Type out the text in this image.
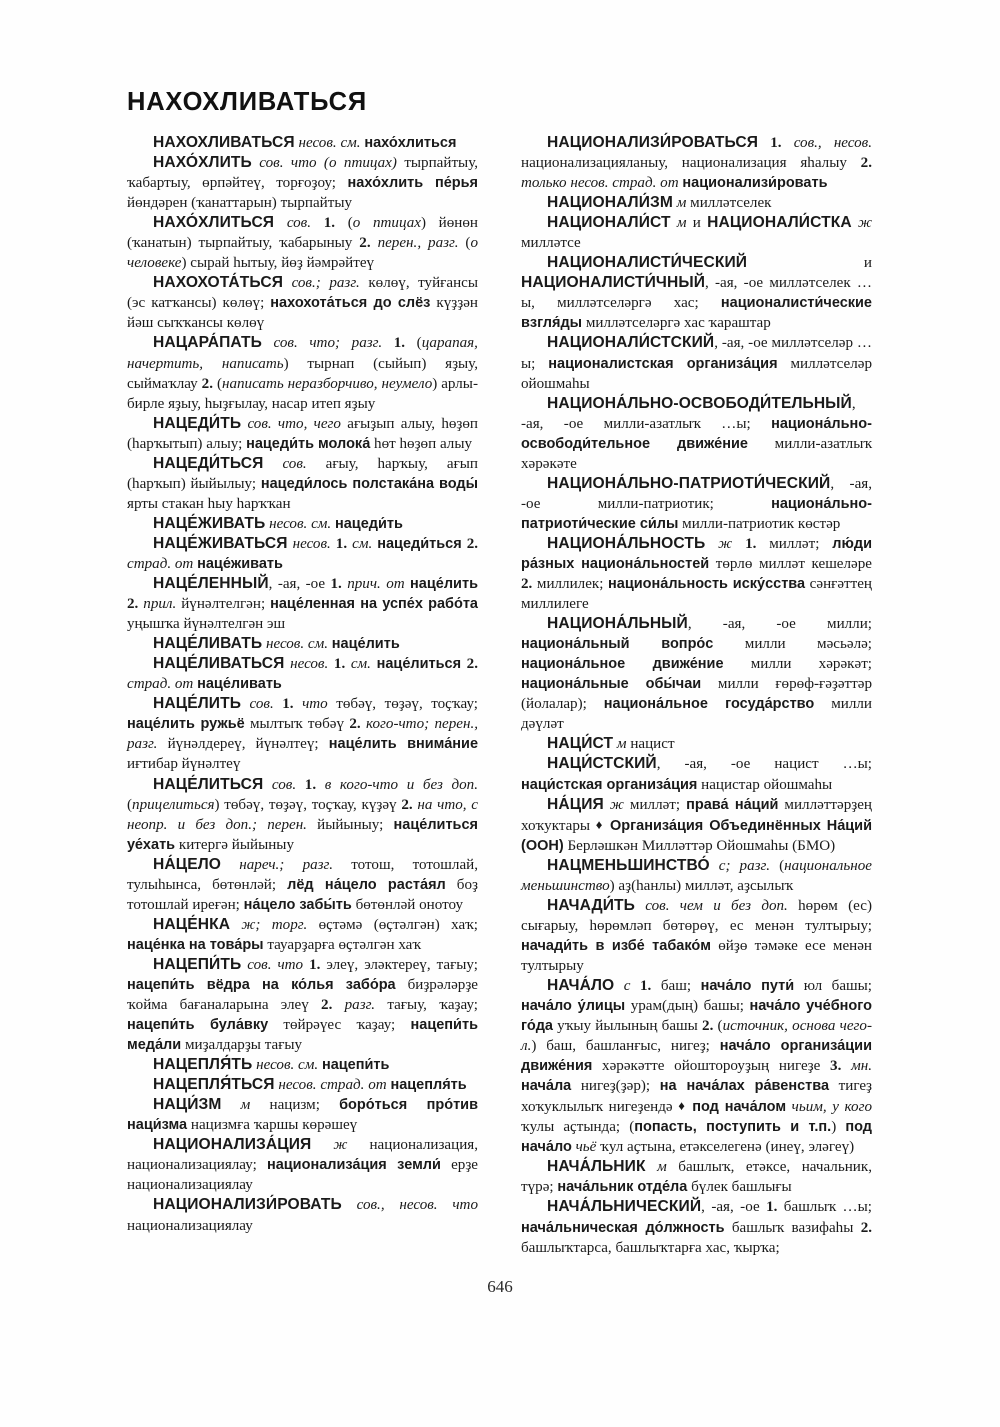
НАХОХЛИВАТЬСЯ

НАХОХЛИВАТЬСЯ несов. см. нахо́хлиться

НАХО́ХЛИТЬ сов. что (о птицах) тырпайтыу, ҡабартыу, өрпәйтеү, торғоҙоу; нахо́хлить пе́рья йөндәрен (ҡанаттарын) тырпайтыу

НАХО́ХЛИТЬСЯ сов. 1. (о птицах) йөнөн (ҡанатын) тырпайтыу, ҡабарыныу 2. перен., разг. (о человеке) сырай һытыу, йөҙ йәмрәйтеү

НАХОХОТА́ТЬСЯ сов.; разг. көлөү, туйғансы (эс катҡансы) көлөү; нахохота́ться до слёз күҙҙән йәш сыҡҡансы көлөү

НАЦАРА́ПАТЬ сов. что; разг. 1. (царапая, начертить, написать) тырнап (сыйып) яҙыу, сыймаҡлау 2. (написать неразборчиво, неумело) арлы-бирле яҙыу, һыҙғылау, насар итеп яҙыу

НАЦЕДИ́ТЬ сов. что, чего ағыҙып алыу, һөҙөп (һарҡытып) алыу; нацеди́ть молока́ һөт һөҙөп алыу

НАЦЕДИ́ТЬСЯ сов. ағыу, һарҡыу, ағып (һарҡып) йыйылыу; нацеди́лось полстака́на воды́ ярты стакан һыу һарҡҡан

НАЦЕ́ЖИВАТЬ несов. см. нацеди́ть

НАЦЕ́ЖИВАТЬСЯ несов. 1. см. нацеди́ться 2. страд. от наце́живать

НАЦЕ́ЛЕННЫЙ, -ая, -ое 1. прич. от наце́лить 2. прил. йүнәлтелгән; наце́ленная на успе́х рабо́та уңышҡа йүнәлтелгән эш

НАЦЕ́ЛИВАТЬ несов. см. наце́лить

НАЦЕ́ЛИВАТЬСЯ несов. 1. см. наце́литься 2. страд. от наце́ливать

НАЦЕ́ЛИТЬ сов. 1. что төбәү, төҙәү, тоҫҡау; наце́лить ружьё мылтыҡ төбәү 2. кого-что; перен., разг. йүнәлдереү, йүнәлтеү; наце́лить внима́ние иғтибар йүнәлтеү

НАЦЕ́ЛИТЬСЯ сов. 1. в кого-что и без доп. (прицелиться) төбәү, төҙәү, тоҫҡау, күҙәү 2. на что, с неопр. и без доп.; перен. йыйыныу; наце́литься уе́хать китергә йыйыныу

НА́ЦЕЛО нареч.; разг. тотош, тотошлай, тулыһынса, бөтөнләй; лёд на́цело раста́ял боҙ тотошлай иреғән; на́цело забы́ть бөтөнләй онотоу

НАЦЕ́НКА ж; торг. өҫтәмә (өҫтәлгән) хаҡ; наце́нка на това́ры тауарҙарға өҫтәлгән хаҡ

НАЦЕПИ́ТЬ сов. что 1. элеү, эләктереү, тағыу; нацепи́ть вёдра на ко́лья забо́ра биҙрәләрҙе ҡойма бағаналарына элеү 2. разг. тағыу, ҡаҙау; нацепи́ть була́вку төйрәүес ҡаҙау; нацепи́ть меда́ли миҙалдарҙы тағыу

НАЦЕПЛЯ́ТЬ несов. см. нацепи́ть

НАЦЕПЛЯ́ТЬСЯ несов. страд. от нацепля́ть

НАЦИ́ЗМ м нацизм; боро́ться про́тив наци́зма нацизмға ҡаршы көрәшеү

НАЦИОНАЛИЗА́ЦИЯ ж национализация, национализациялау; национализа́ция земли́ ерҙе национализациялау

НАЦИОНАЛИЗИ́РОВАТЬ сов., несов. что национализациялау

НАЦИОНАЛИЗИ́РОВАТЬСЯ 1. сов., несов. национализацияланыу, национализация яһалыу 2. только несов. страд. от национализи́ровать

НАЦИОНАЛИ́ЗМ м милләтселек

НАЦИОНАЛИ́СТ м и НАЦИОНАЛИ́СТКА ж милләтсе

НАЦИОНАЛИСТИ́ЧЕСКИЙ и НАЦИОНАЛИСТИ́ЧНЫЙ, -ая, -ое милләтселек …ы, милләтселәргә хас; националисти́ческие взгля́ды милләтселәргә хас ҡараштар

НАЦИОНАЛИ́СТСКИЙ, -ая, -ое милләтселәр …ы; националистская организа́ция милләтселәр ойошмаһы

НАЦИОНА́ЛЬНО-ОСВОБОДИ́ТЕЛЬНЫЙ, -ая, -ое милли-азатлыҡ …ы; национа́льно-освободи́тельное движе́ние милли-азатлыҡ хәрәкәте

НАЦИОНА́ЛЬНО-ПАТРИОТИ́ЧЕСКИЙ, -ая, -ое милли-патриотик; национа́льно-патриоти́ческие си́лы милли-патриотик көстәр

НАЦИОНА́ЛЬНОСТЬ ж 1. милләт; лю́ди ра́зных национа́льностей төрлө милләт кешеләре 2. миллилек; национа́льность иску́сства сәнғәттең миллилеге

НАЦИОНА́ЛЬНЫЙ, -ая, -ое милли; национа́льный вопро́с милли мәсьәлә; национа́льное движе́ние милли хәрәкәт; национа́льные обы́чаи милли ғөрөф-ғәҙәттәр (йолалар); национа́льное госуда́рство милли дәүләт

НАЦИ́СТ м нацист

НАЦИ́СТСКИЙ, -ая, -ое нацист …ы; наци́стская организа́ция нацистар ойошмаһы

НА́ЦИЯ ж милләт; права́ на́ций милләттәрҙең хоҡуктары ♦ Организа́ция Объединённых На́ций (ООН) Берләшкән Милләттәр Ойошмаһы (БМО)

НАЦМЕНЬШИНСТВО́ с; разг. (национальное меньшинство) аҙ(һанлы) милләт, аҙсылыҡ

НАЧАДИ́ТЬ сов. чем и без доп. һөрөм (ес) сығарыу, һөрөмләп бөтөрөү, ес менән тултырыу; начади́ть в избе́ табако́м өйҙө тәмәке есе менән тултырыу

НАЧА́ЛО с 1. баш; нача́ло пути́ юл башы; нача́ло у́лицы урам(дың) башы; нача́ло уче́бного го́да уҡыу йылының башы 2. (источник, основа чего-л.) баш, башланғыс, нигеҙ; нача́ло организа́ции движе́ния хәрәкәтте ойоштороуҙың нигеҙе 3. мн. нача́ла нигеҙ(ҙәр); на нача́лах ра́венства тигеҙ хоҡуклылыҡ нигеҙендә ♦ под нача́лом чьим, у кого ҡулы аҫтында; (попасть, поступить и т.п.) под нача́ло чьё ҡул аҫтына, етәкселегенә (инеү, эләгеү)

НАЧА́ЛЬНИК м башлыҡ, етәксе, начальник, түрә; нача́льник отде́ла бүлек башлығы

НАЧА́ЛЬНИЧЕСКИЙ, -ая, -ое 1. башлыҡ …ы; нача́льническая до́лжность башлыҡ вазифаһы 2. башлыҡтарса, башлыҡтарға хас, ҡырҡа;

646
